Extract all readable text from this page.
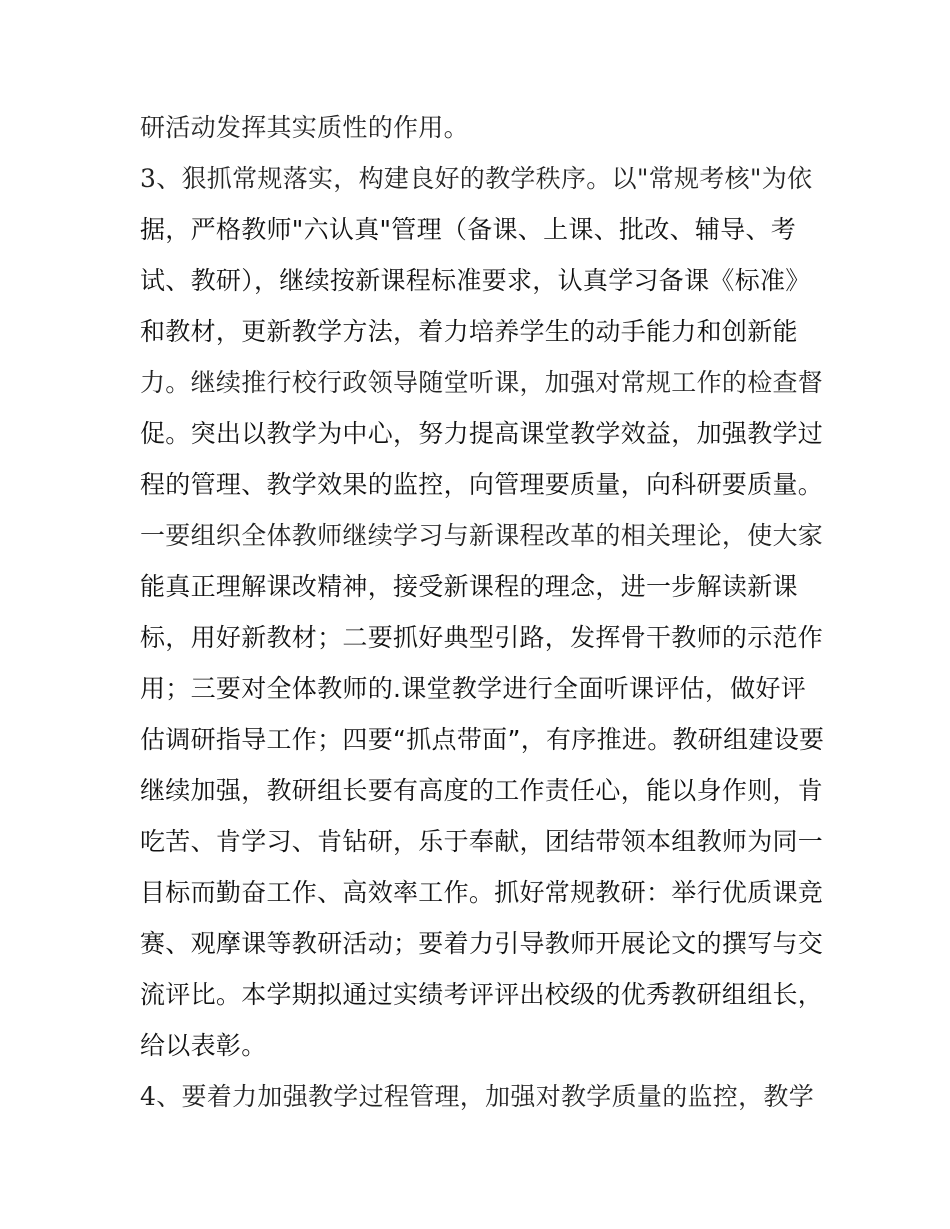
研活动发挥其实质性的作用。
3、狠抓常规落实，构建良好的教学秩序。以"常规考核"为依
据，严格教师"六认真"管理（备课、上课、批改、辅导、考
试、教研），继续按新课程标准要求，认真学习备课《标准》
和教材，更新教学方法，着力培养学生的动手能力和创新能
力。继续推行校行政领导随堂听课，加强对常规工作的检查督
促。突出以教学为中心，努力提高课堂教学效益，加强教学过
程的管理、教学效果的监控，向管理要质量，向科研要质量。
一要组织全体教师继续学习与新课程改革的相关理论，使大家
能真正理解课改精神，接受新课程的理念，进一步解读新课
标，用好新教材；二要抓好典型引路，发挥骨干教师的示范作
用；三要对全体教师的.课堂教学进行全面听课评估，做好评
估调研指导工作；四要“抓点带面”，有序推进。教研组建设要
继续加强，教研组长要有高度的工作责任心，能以身作则，肯
吃苦、肯学习、肯钻研，乐于奉献，团结带领本组教师为同一
目标而勤奋工作、高效率工作。抓好常规教研：举行优质课竞
赛、观摩课等教研活动；要着力引导教师开展论文的撰写与交
流评比。本学期拟通过实绩考评评出校级的优秀教研组组长，
给以表彰。
4、要着力加强教学过程管理，加强对教学质量的监控，教学
